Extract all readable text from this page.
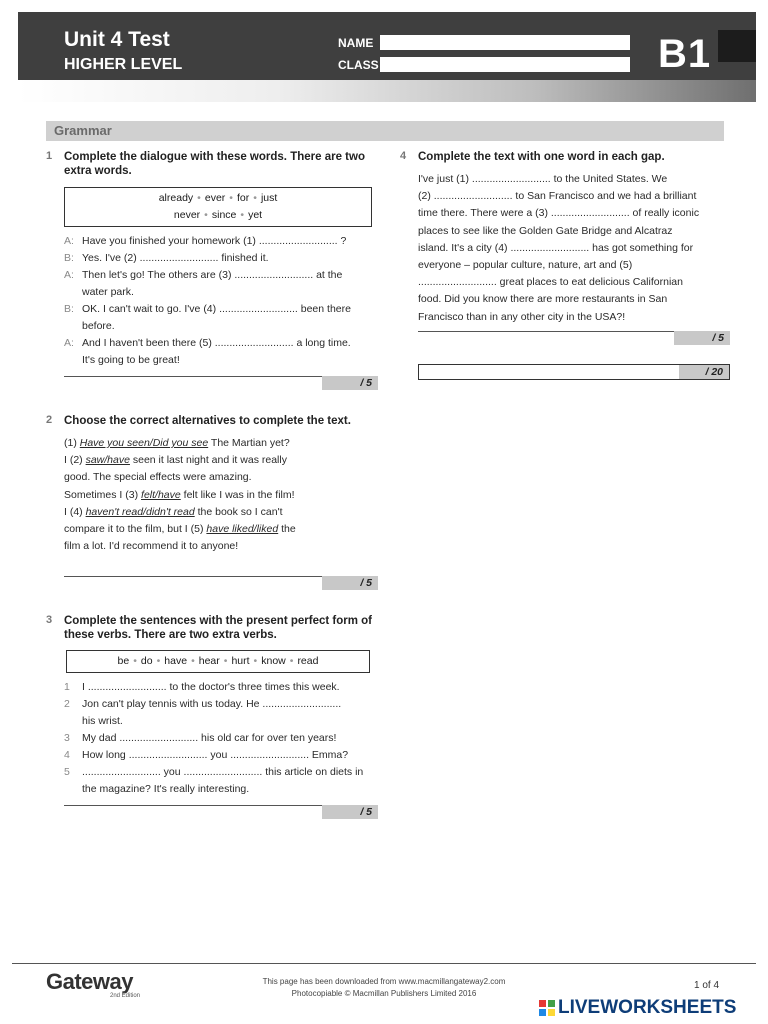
Unit 4 Test
HIGHER LEVEL
NAME
CLASS	B1
Grammar
1 Complete the dialogue with these words. There are two extra words.
already • ever • for • just
never • since • yet
A: Have you finished your homework (1) ........................... ?
B: Yes. I've (2) ........................... finished it.
A: Then let's go! The others are (3) ........................... at the
water park.
B: OK. I can't wait to go. I've (4) ........................... been there
before.
A: And I haven't been there (5) ........................... a long time.
It's going to be great!
/ 5
2 Choose the correct alternatives to complete the text.
(1) Have you seen/Did you see The Martian yet?
I (2) saw/have seen it last night and it was really
good. The special effects were amazing.
Sometimes I (3) felt/have felt like I was in the film!
I (4) haven't read/didn't read the book so I can't
compare it to the film, but I (5) have liked/liked the
film a lot. I'd recommend it to anyone!
/ 5
3 Complete the sentences with the present perfect form of these verbs. There are two extra verbs.
be • do • have • hear • hurt • know • read
1	I ........................... to the doctor's three times this week.
2	Jon can't play tennis with us today. He ...........................
his wrist.
3	My dad ........................... his old car for over ten years!
4	How long ........................... you ........................... Emma?
5	........................... you ........................... this article on diets in
the magazine? It's really interesting.
/ 5
4 Complete the text with one word in each gap.
I've just (1) ........................... to the United States. We
(2) ........................... to San Francisco and we had a brilliant
time there. There were a (3) ........................... of really iconic
places to see like the Golden Gate Bridge and Alcatraz
island. It's a city (4) ........................... has got something for
everyone – popular culture, nature, art and (5)
........................... great places to eat delicious Californian
food. Did you know there are more restaurants in San
Francisco than in any other city in the USA?!
/ 5
/ 20
Gateway
2nd Edition
This page has been downloaded from www.macmillangateway2.com
Photocopiable © Macmillan Publishers Limited 2016
1 of 4
LIVEWORKSHEETS
